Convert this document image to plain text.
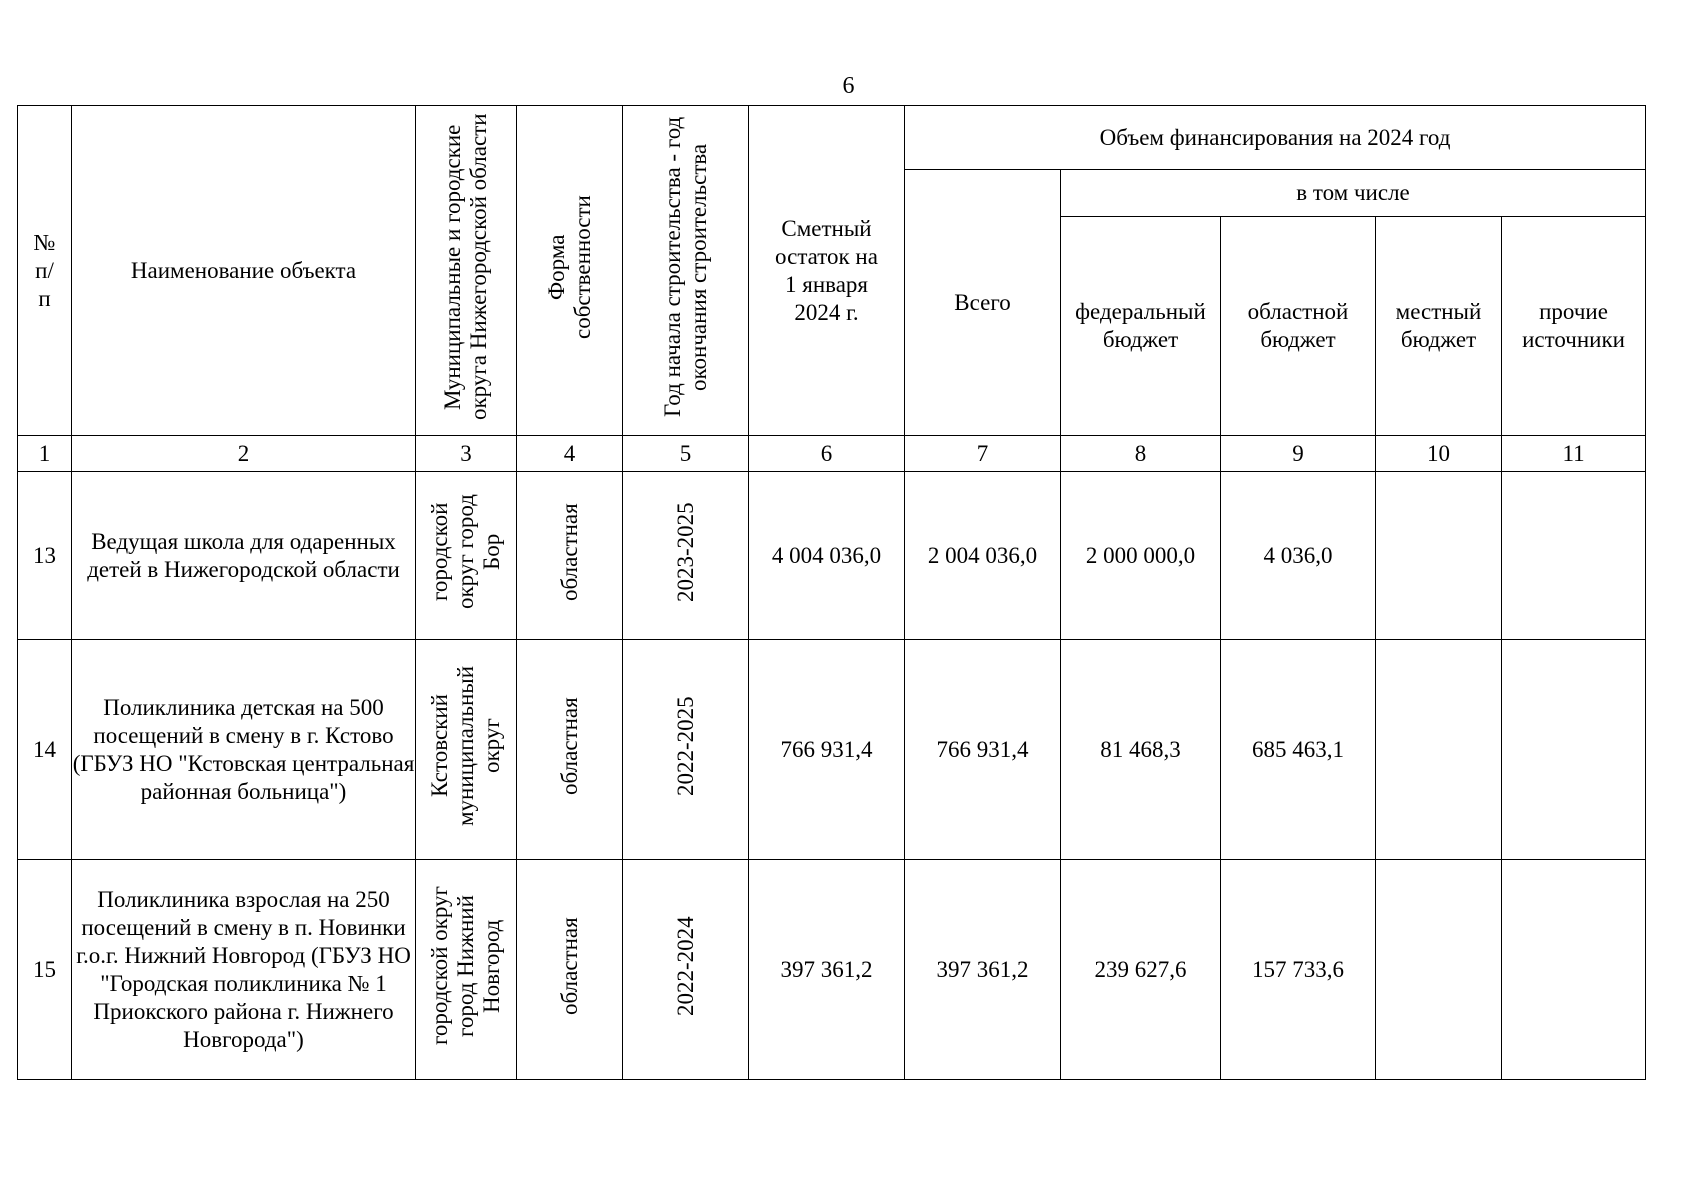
6
№ п/п	Наименование объекта	Муниципальные и городские округа Нижегородской области	Форма собственности	Год начала строительства - год окончания строительства	Сметный остаток на 1 января 2024 г.	Объем финансирования на 2024 год				
						Всего	в том числе			
							федеральный бюджет	областной бюджет	местный бюджет	прочие источники
1	2	3	4	5	6	7	8	9	10	11
13	Ведущая школа для одаренных детей в Нижегородской области	городской округ город Бор	областная	2023-2025	4 004 036,0	2 004 036,0	2 000 000,0	4 036,0		
14	Поликлиника детская на 500 посещений в смену в г. Кстово (ГБУЗ НО "Кстовская центральная районная больница")	Кстовский муниципальный округ	областная	2022-2025	766 931,4	766 931,4	81 468,3	685 463,1		
15	Поликлиника взрослая на 250 посещений в смену в п. Новинки г.о.г. Нижний Новгород (ГБУЗ НО "Городская поликлиника № 1 Приокского района г. Нижнего Новгорода")	городской округ город Нижний Новгород	областная	2022-2024	397 361,2	397 361,2	239 627,6	157 733,6		
